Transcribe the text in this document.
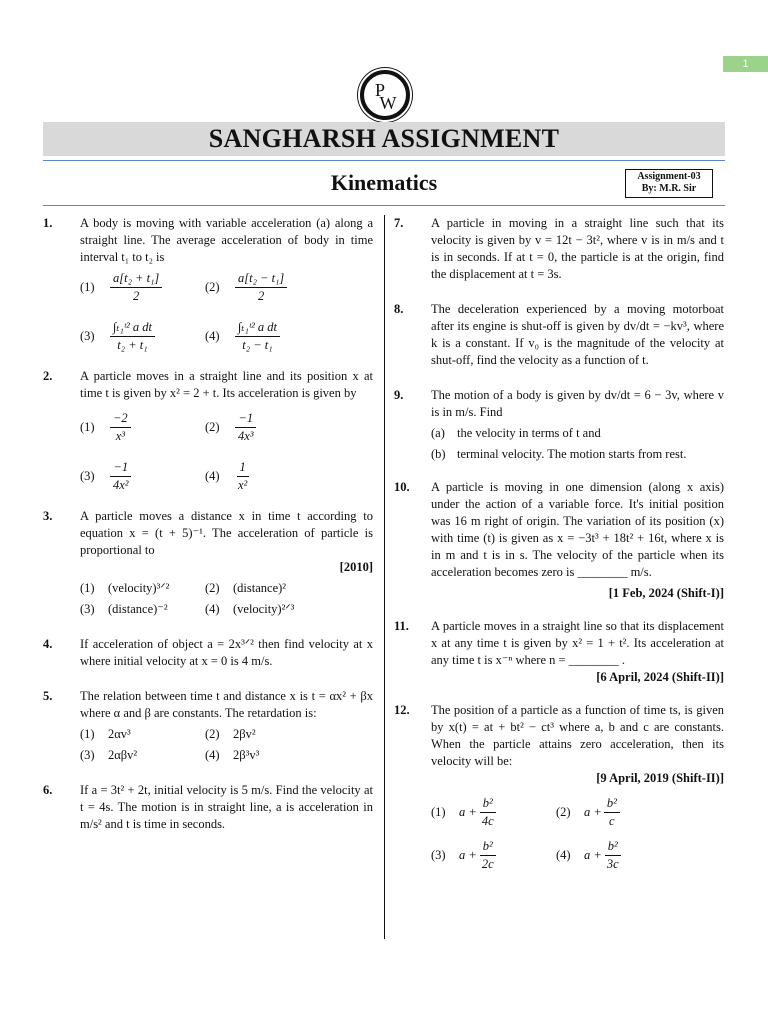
1
P
W
SANGHARSH ASSIGNMENT
Kinematics	Assignment-03
By: M.R. Sir
1.	A body is moving with variable acceleration (a) along a straight line. The average acceleration of body in time interval t₁ to t₂ is
(1)	$\frac{\text{a[t₂ + t₁]}}{2}$	(2)	$\frac{\text{a[t₂ − t₁]}}{2}$
(3)	$\frac{\text{∫ₜ₁ᵗ² a dt}}{\text{t₂ + t₁}}$	(4)	$\frac{\text{∫ₜ₁ᵗ² a dt}}{\text{t₂ − t₁}}$
2.	A particle moves in a straight line and its position x at time t is given by x² = 2 + t. Its acceleration is given by
(1)	$\frac{-2}{\text{x³}}$	(2)	$\frac{-1}{\text{4x³}}$
(3)	$\frac{-1}{\text{4x²}}$	(4)	$\frac{1}{\text{x²}}$
3.	A particle moves a distance x in time t according to equation x = (t + 5)⁻¹. The acceleration of particle is proportional to
[2010]
(1)	(velocity)³ᐟ²	(2)	(distance)²
(3)	(distance)⁻²	(4)	(velocity)²ᐟ³
4.	If acceleration of object a = 2x³ᐟ² then find velocity at x where initial velocity at x = 0 is 4 m/s.
5.	The relation between time t and distance x is t = αx² + βx where α and β are constants. The retardation is:
(1)	2αv³	(2)	2βv²
(3)	2αβv²	(4)	2β³v³
6.	If a = 3t² + 2t, initial velocity is 5 m/s. Find the velocity at t = 4s. The motion is in straight line, a is acceleration in m/s² and t is time in seconds.
7.	A particle in moving in a straight line such that its velocity is given by v = 12t − 3t², where v is in m/s and t is in seconds. If at t = 0, the particle is at the origin, find the displacement at t = 3s.
8.	The deceleration experienced by a moving motorboat after its engine is shut-off is given by dv/dt = −kv³, where k is a constant. If v₀ is the magnitude of the velocity at shut-off, find the velocity as a function of t.
9.	The motion of a body is given by dv/dt = 6 − 3v, where v is in m/s. Find
(a) the velocity in terms of t and
(b) terminal velocity. The motion starts from rest.
10.	A particle is moving in one dimension (along x axis) under the action of a variable force. It's initial position was 16 m right of origin. The variation of its position (x) with time (t) is given as x = −3t³ + 18t² + 16t, where x is in m and t is in s. The velocity of the particle when its acceleration becomes zero is ________ m/s.
[1 Feb, 2024 (Shift-I)]
11.	A particle moves in a straight line so that its displacement x at any time t is given by x² = 1 + t². Its acceleration at any time t is x⁻ⁿ where n = ________ .
[6 April, 2024 (Shift-II)]
12.	The position of a particle as a function of time ts, is given by x(t) = at + bt² − ct³ where a, b and c are constants. When the particle attains zero acceleration, then its velocity will be:
[9 April, 2019 (Shift-II)]
(1)	$a + \frac{\text{b²}}{4c}$	(2)	$a + \frac{\text{b²}}{c}$
(3)	$a + \frac{\text{b²}}{2c}$	(4)	$a + \frac{\text{b²}}{3c}$
